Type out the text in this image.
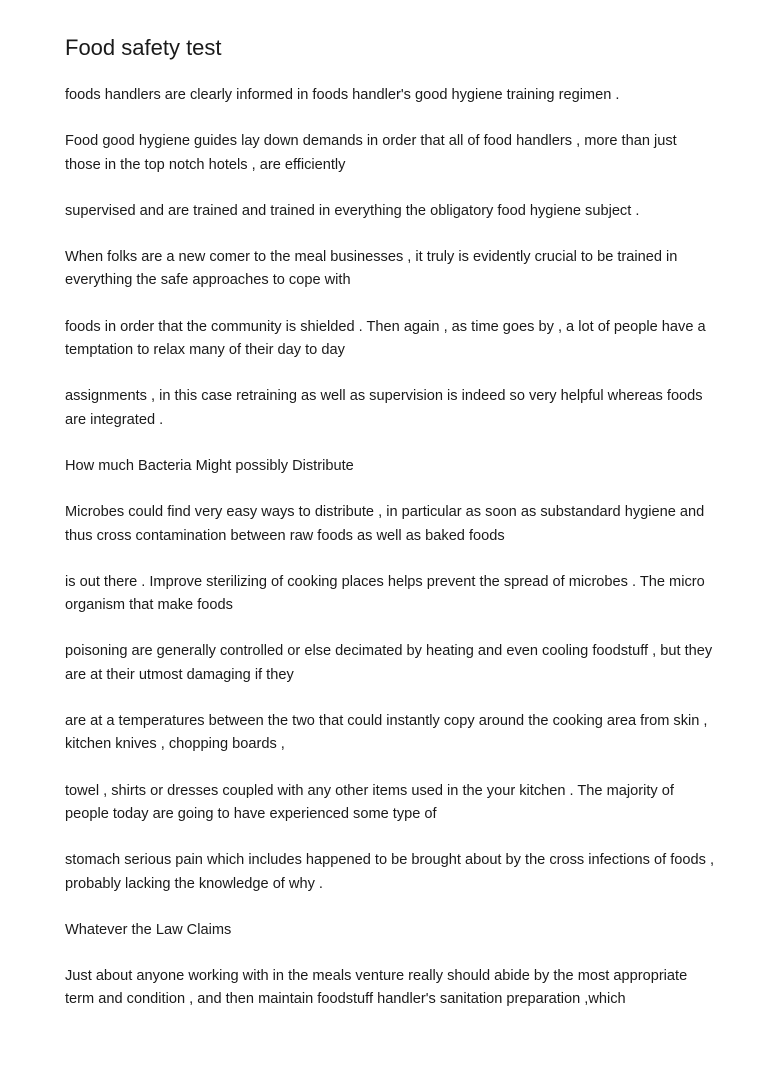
Food safety test

foods handlers are clearly informed in foods handler's good hygiene training regimen .

Food good hygiene guides lay down demands in order that all of food handlers , more than just those in the top notch hotels , are efficiently

supervised and are trained and trained in everything the obligatory food hygiene subject .

When folks are a new comer to the meal businesses , it truly is evidently crucial to be trained in everything the safe approaches to cope with

foods in order that the community is shielded . Then again , as time goes by , a lot of people have a temptation to relax many of their day to day

assignments , in this case retraining as well as supervision is indeed so very helpful whereas foods are integrated .

How much Bacteria Might possibly Distribute

Microbes could find very easy ways to distribute , in particular as soon as substandard hygiene and thus cross contamination between raw foods as well as baked foods

is out there . Improve sterilizing of cooking places helps prevent the spread of microbes . The micro organism that make foods

poisoning are generally controlled or else decimated by heating and even cooling foodstuff , but they are at their utmost damaging if they

are at a temperatures between the two that could instantly copy around the cooking area from skin , kitchen knives , chopping boards ,

towel , shirts or dresses coupled with any other items used in the your kitchen . The majority of people today are going to have experienced some type of

stomach serious pain which includes happened to be brought about by the cross infections of foods , probably lacking the knowledge of why .

Whatever the Law Claims

Just about anyone working with in the meals venture really should abide by the most appropriate term and condition , and then maintain foodstuff handler's sanitation preparation ,which
